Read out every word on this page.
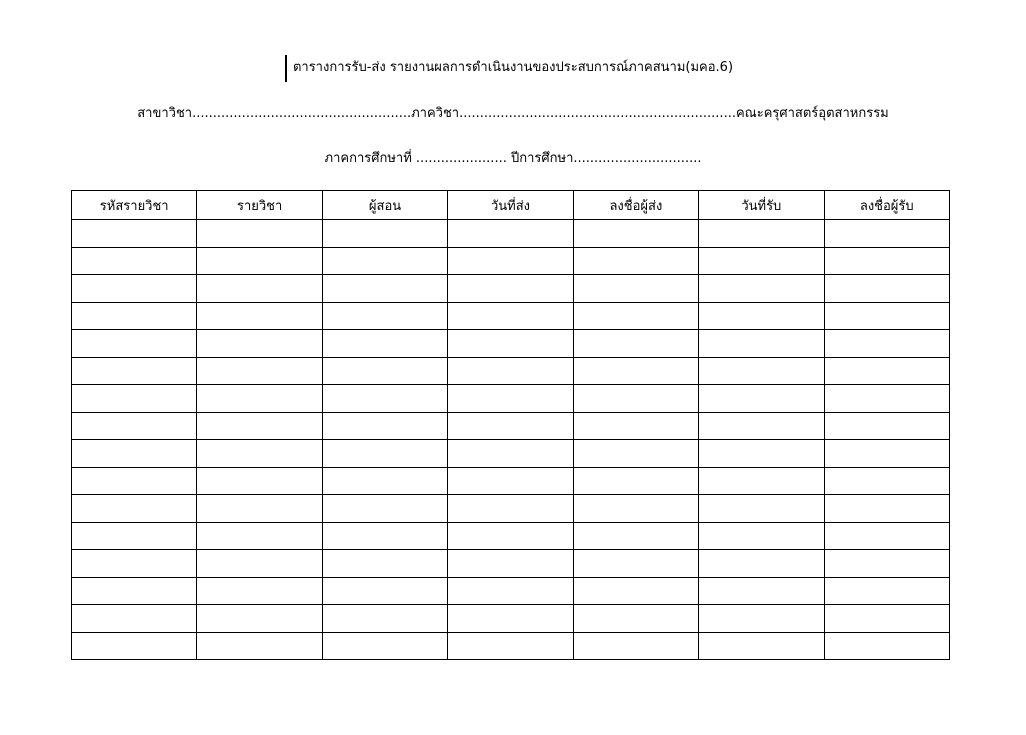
ตารางการรับ-ส่ง รายงานผลการดำเนินงานของประสบการณ์ภาคสนาม(มคอ.6)
สาขาวิชา.....................................................ภาควิชา...................................................................คณะครุศาสตร์อุตสาหกรรม
ภาคการศึกษาที่ ...................... ปีการศึกษา...............................
รหัสรายวิชา	รายวิชา	ผู้สอน	วันที่ส่ง	ลงชื่อผู้ส่ง	วันที่รับ	ลงชื่อผู้รับ
